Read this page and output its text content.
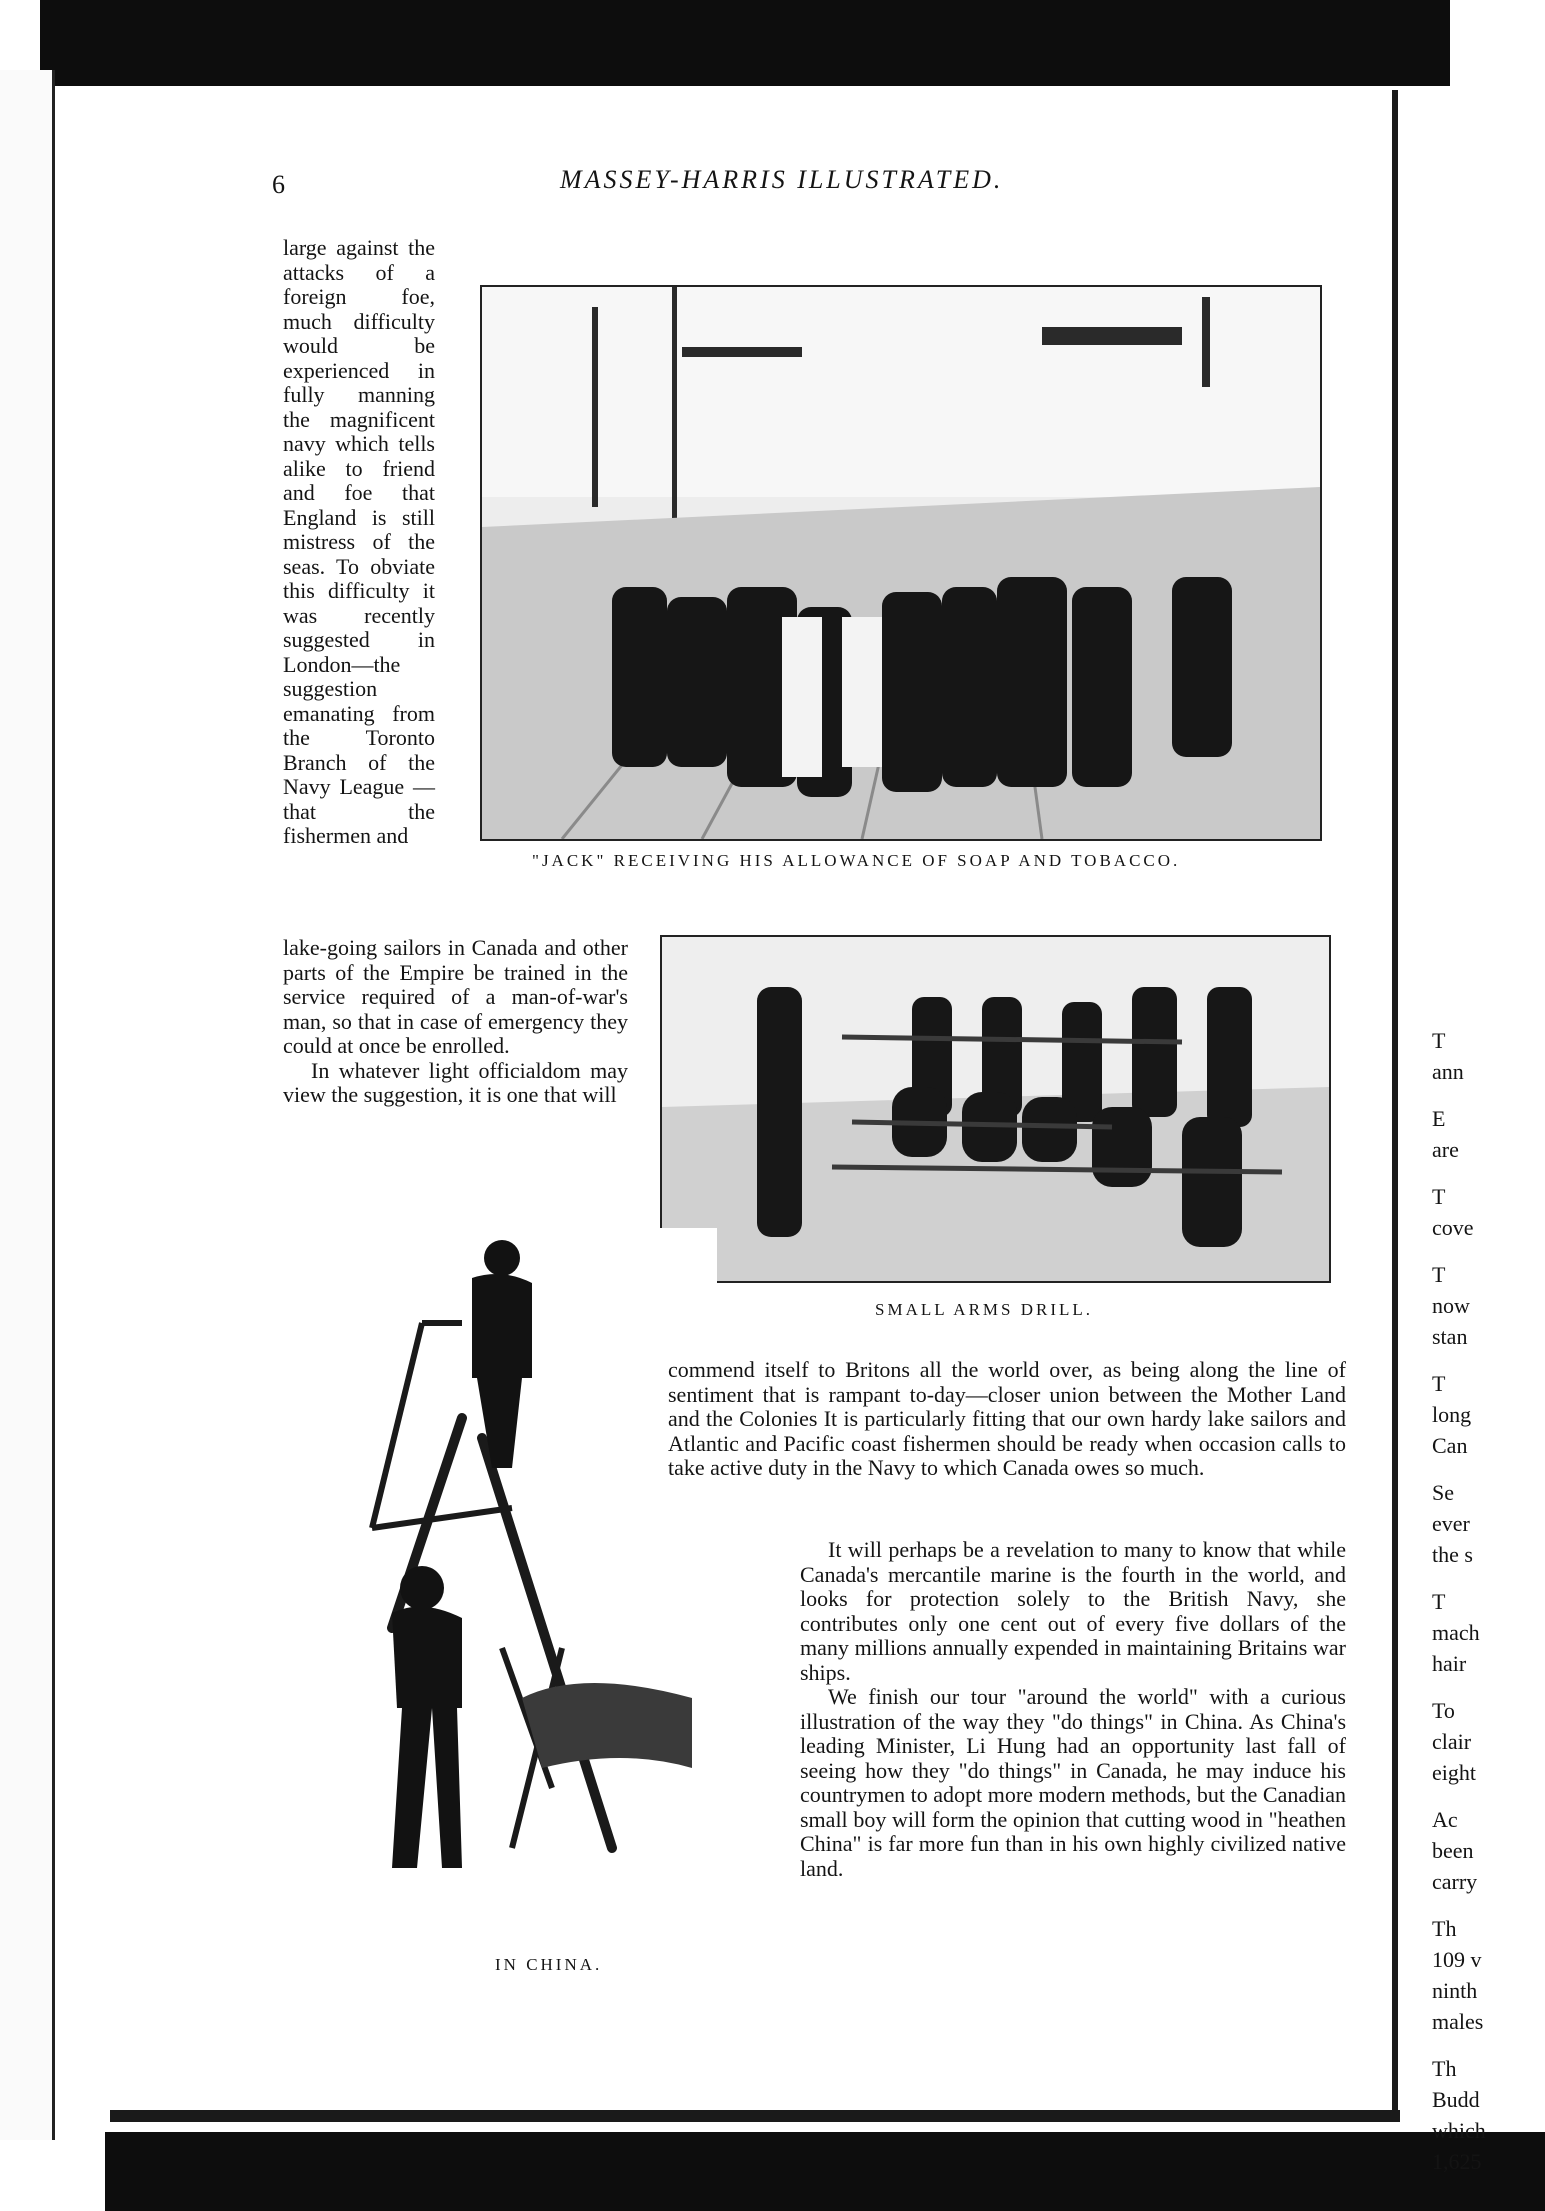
6	MASSEY-HARRIS ILLUSTRATED.

large against the attacks of a foreign foe, much difficulty would be experienced in fully manning the magnificent navy which tells alike to friend and foe that England is still mistress of the seas. To obviate this difficulty it was recently suggested in London—the suggestion emanating from the Toronto Branch of the Navy League —that the fishermen and

"JACK" RECEIVING HIS ALLOWANCE OF SOAP AND TOBACCO.

lake-going sailors in Canada and other parts of the Empire be trained in the service required of a man-of-war's man, so that in case of emergency they could at once be enrolled.

In whatever light officialdom may view the suggestion, it is one that will

SMALL ARMS DRILL.
IN CHINA.

commend itself to Britons all the world over, as being along the line of sentiment that is rampant to-day—closer union between the Mother Land and the Colonies It is particularly fitting that our own hardy lake sailors and Atlantic and Pacific coast fishermen should be ready when occasion calls to take active duty in the Navy to which Canada owes so much.

It will perhaps be a revelation to many to know that while Canada's mercantile marine is the fourth in the world, and looks for protection solely to the British Navy, she contributes only one cent out of every five dollars of the many millions annually expended in maintaining Britains war ships.

We finish our tour "around the world" with a curious illustration of the way they "do things" in China. As China's leading Minister, Li Hung had an opportunity last fall of seeing how they "do things" in Canada, he may induce his countrymen to adopt more modern methods, but the Canadian small boy will form the opinion that cutting wood in "heathen China" is far more fun than in his own highly civilized native land.

T
ann
E
are
T
cove
T
now
stan
T
long
Can
Se
ever
the s
T
mach
hair
To
clair
eight
Ac
been
carry
Th
109 v
ninth
males
Th
Budd
which
1,625
